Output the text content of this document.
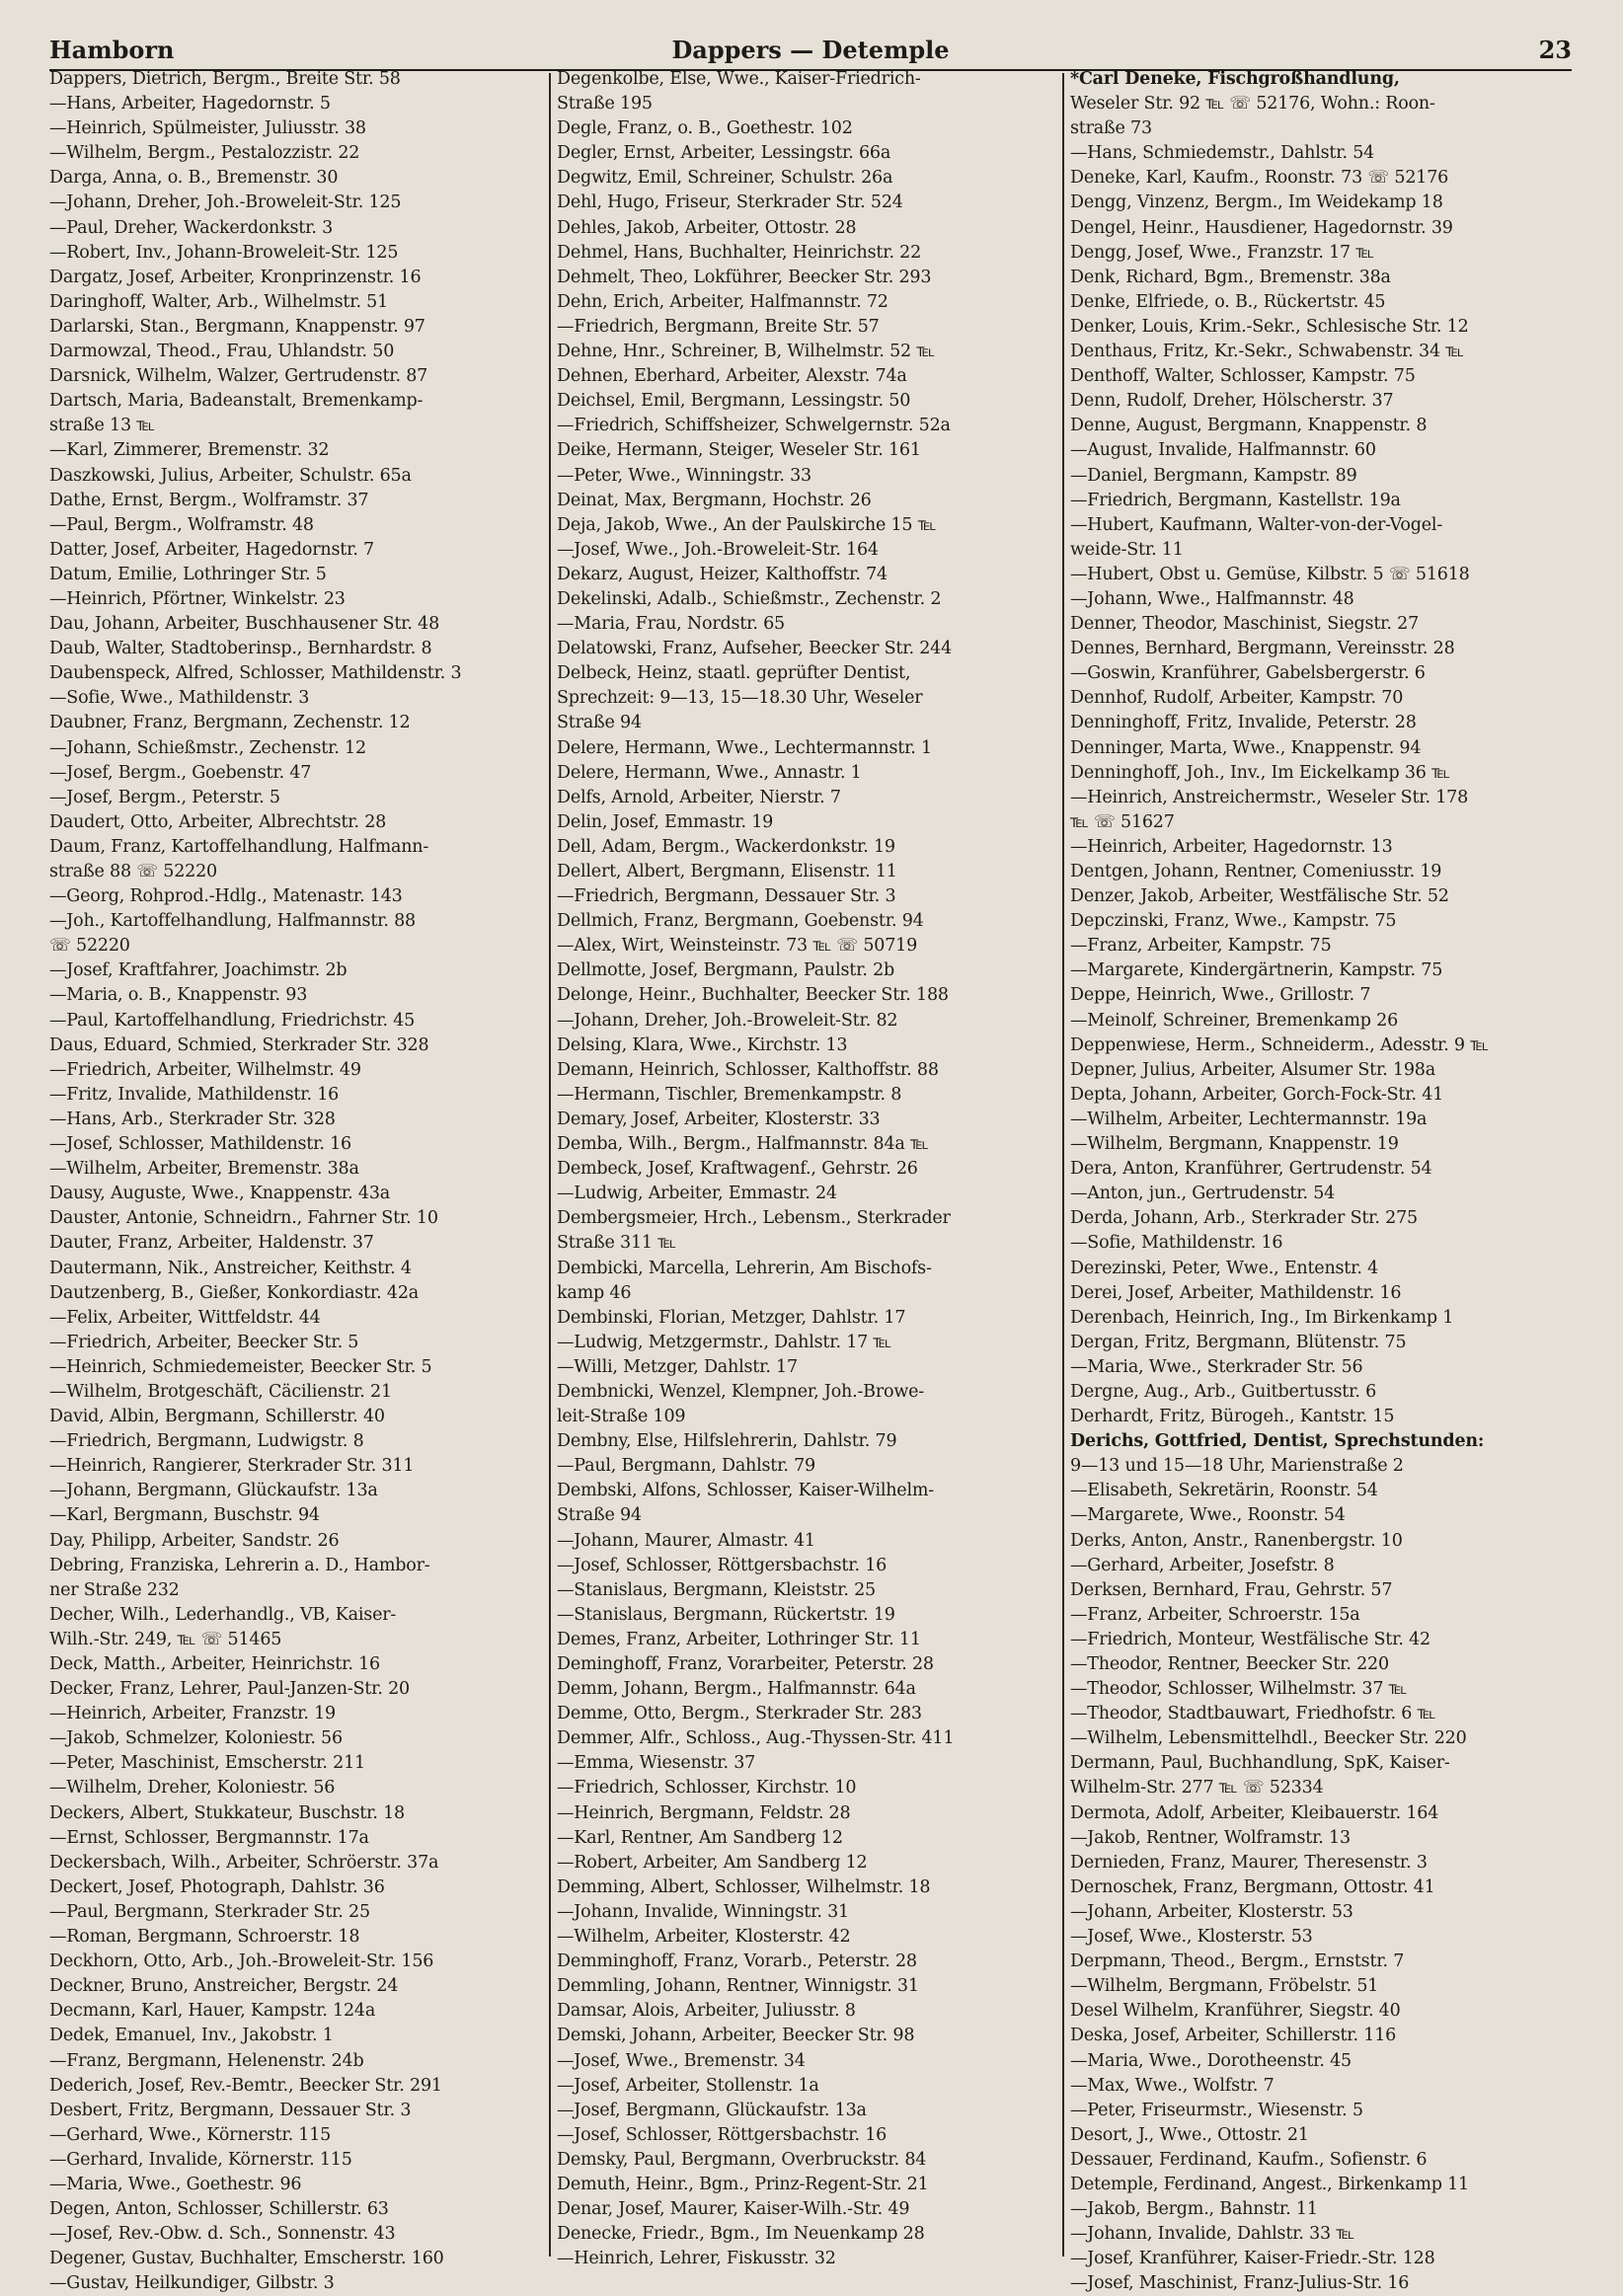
Hamborn	Dappers — Detemple	23
Dappers, Dietrich, Bergm., Breite Str. 58
—Hans, Arbeiter, Hagedornstr. 5
—Heinrich, Spülmeister, Juliusstr. 38
—Wilhelm, Bergm., Pestalozzistr. 22
Darga, Anna, o. B., Bremenstr. 30
—Johann, Dreher, Joh.-Broweleit-Str. 125
—Paul, Dreher, Wackerdonkstr. 3
—Robert, Inv., Johann-Broweleit-Str. 125
Dargatz, Josef, Arbeiter, Kronprinzenstr. 16
Daringhoff, Walter, Arb., Wilhelmstr. 51
Darlarski, Stan., Bergmann, Knappenstr. 97
Darmowzal, Theod., Frau, Uhlandstr. 50
Darsnick, Wilhelm, Walzer, Gertrudenstr. 87
Dartsch, Maria, Badeanstalt, Bremenkamp-
straße 13 ℡
—Karl, Zimmerer, Bremenstr. 32
Daszkowski, Julius, Arbeiter, Schulstr. 65a
Dathe, Ernst, Bergm., Wolframstr. 37
—Paul, Bergm., Wolframstr. 48
Datter, Josef, Arbeiter, Hagedornstr. 7
Datum, Emilie, Lothringer Str. 5
—Heinrich, Pförtner, Winkelstr. 23
Dau, Johann, Arbeiter, Buschhausener Str. 48
Daub, Walter, Stadtoberinsp., Bernhardstr. 8
Daubenspeck, Alfred, Schlosser, Mathildenstr. 3
—Sofie, Wwe., Mathildenstr. 3
Daubner, Franz, Bergmann, Zechenstr. 12
—Johann, Schießmstr., Zechenstr. 12
—Josef, Bergm., Goebenstr. 47
—Josef, Bergm., Peterstr. 5
Daudert, Otto, Arbeiter, Albrechtstr. 28
Daum, Franz, Kartoffelhandlung, Halfmann-
straße 88 ☏ 52220
—Georg, Rohprod.-Hdlg., Matenastr. 143
—Joh., Kartoffelhandlung, Halfmannstr. 88
☏ 52220
—Josef, Kraftfahrer, Joachimstr. 2b
—Maria, o. B., Knappenstr. 93
—Paul, Kartoffelhandlung, Friedrichstr. 45
Daus, Eduard, Schmied, Sterkrader Str. 328
—Friedrich, Arbeiter, Wilhelmstr. 49
—Fritz, Invalide, Mathildenstr. 16
—Hans, Arb., Sterkrader Str. 328
—Josef, Schlosser, Mathildenstr. 16
—Wilhelm, Arbeiter, Bremenstr. 38a
Dausy, Auguste, Wwe., Knappenstr. 43a
Dauster, Antonie, Schneidrn., Fahrner Str. 10
Dauter, Franz, Arbeiter, Haldenstr. 37
Dautermann, Nik., Anstreicher, Keithstr. 4
Dautzenberg, B., Gießer, Konkordiastr. 42a
—Felix, Arbeiter, Wittfeldstr. 44
—Friedrich, Arbeiter, Beecker Str. 5
—Heinrich, Schmiedemeister, Beecker Str. 5
—Wilhelm, Brotgeschäft, Cäcilienstr. 21
David, Albin, Bergmann, Schillerstr. 40
—Friedrich, Bergmann, Ludwigstr. 8
—Heinrich, Rangierer, Sterkrader Str. 311
—Johann, Bergmann, Glückaufstr. 13a
—Karl, Bergmann, Buschstr. 94
Day, Philipp, Arbeiter, Sandstr. 26
Debring, Franziska, Lehrerin a. D., Hambor-
ner Straße 232
Decher, Wilh., Lederhandlg., VB, Kaiser-
Wilh.-Str. 249, ℡ ☏ 51465
Deck, Matth., Arbeiter, Heinrichstr. 16
Decker, Franz, Lehrer, Paul-Janzen-Str. 20
—Heinrich, Arbeiter, Franzstr. 19
—Jakob, Schmelzer, Koloniestr. 56
—Peter, Maschinist, Emscherstr. 211
—Wilhelm, Dreher, Koloniestr. 56
Deckers, Albert, Stukkateur, Buschstr. 18
—Ernst, Schlosser, Bergmannstr. 17a
Deckersbach, Wilh., Arbeiter, Schröerstr. 37a
Deckert, Josef, Photograph, Dahlstr. 36
—Paul, Bergmann, Sterkrader Str. 25
—Roman, Bergmann, Schroerstr. 18
Deckhorn, Otto, Arb., Joh.-Broweleit-Str. 156
Deckner, Bruno, Anstreicher, Bergstr. 24
Decmann, Karl, Hauer, Kampstr. 124a
Dedek, Emanuel, Inv., Jakobstr. 1
—Franz, Bergmann, Helenenstr. 24b
Dederich, Josef, Rev.-Bemtr., Beecker Str. 291
Desbert, Fritz, Bergmann, Dessauer Str. 3
—Gerhard, Wwe., Körnerstr. 115
—Gerhard, Invalide, Körnerstr. 115
—Maria, Wwe., Goethestr. 96
Degen, Anton, Schlosser, Schillerstr. 63
—Josef, Rev.-Obw. d. Sch., Sonnenstr. 43
Degener, Gustav, Buchhalter, Emscherstr. 160
—Gustav, Heilkundiger, Gilbstr. 3
Degenkolbe, Else, Wwe., Kaiser-Friedrich-
Straße 195
Degle, Franz, o. B., Goethestr. 102
Degler, Ernst, Arbeiter, Lessingstr. 66a
Degwitz, Emil, Schreiner, Schulstr. 26a
Dehl, Hugo, Friseur, Sterkrader Str. 524
Dehles, Jakob, Arbeiter, Ottostr. 28
Dehmel, Hans, Buchhalter, Heinrichstr. 22
Dehmelt, Theo, Lokführer, Beecker Str. 293
Dehn, Erich, Arbeiter, Halfmannstr. 72
—Friedrich, Bergmann, Breite Str. 57
Dehne, Hnr., Schreiner, B, Wilhelmstr. 52 ℡
Dehnen, Eberhard, Arbeiter, Alexstr. 74a
Deichsel, Emil, Bergmann, Lessingstr. 50
—Friedrich, Schiffsheizer, Schwelgernstr. 52a
Deike, Hermann, Steiger, Weseler Str. 161
—Peter, Wwe., Winningstr. 33
Deinat, Max, Bergmann, Hochstr. 26
Deja, Jakob, Wwe., An der Paulskirche 15 ℡
—Josef, Wwe., Joh.-Broweleit-Str. 164
Dekarz, August, Heizer, Kalthoffstr. 74
Dekelinski, Adalb., Schießmstr., Zechenstr. 2
—Maria, Frau, Nordstr. 65
Delatowski, Franz, Aufseher, Beecker Str. 244
Delbeck, Heinz, staatl. geprüfter Dentist,
Sprechzeit: 9—13, 15—18.30 Uhr, Weseler
Straße 94
Delere, Hermann, Wwe., Lechtermannstr. 1
Delere, Hermann, Wwe., Annastr. 1
Delfs, Arnold, Arbeiter, Nierstr. 7
Delin, Josef, Emmastr. 19
Dell, Adam, Bergm., Wackerdonkstr. 19
Dellert, Albert, Bergmann, Elisenstr. 11
—Friedrich, Bergmann, Dessauer Str. 3
Dellmich, Franz, Bergmann, Goebenstr. 94
—Alex, Wirt, Weinsteinstr. 73 ℡ ☏ 50719
Dellmotte, Josef, Bergmann, Paulstr. 2b
Delonge, Heinr., Buchhalter, Beecker Str. 188
—Johann, Dreher, Joh.-Broweleit-Str. 82
Delsing, Klara, Wwe., Kirchstr. 13
Demann, Heinrich, Schlosser, Kalthoffstr. 88
—Hermann, Tischler, Bremenkampstr. 8
Demary, Josef, Arbeiter, Klosterstr. 33
Demba, Wilh., Bergm., Halfmannstr. 84a ℡
Dembeck, Josef, Kraftwagenf., Gehrstr. 26
—Ludwig, Arbeiter, Emmastr. 24
Dembergsmeier, Hrch., Lebensm., Sterkrader
Straße 311 ℡
Dembicki, Marcella, Lehrerin, Am Bischofs-
kamp 46
Dembinski, Florian, Metzger, Dahlstr. 17
—Ludwig, Metzgermstr., Dahlstr. 17 ℡
—Willi, Metzger, Dahlstr. 17
Dembnicki, Wenzel, Klempner, Joh.-Browe-
leit-Straße 109
Dembny, Else, Hilfslehrerin, Dahlstr. 79
—Paul, Bergmann, Dahlstr. 79
Dembski, Alfons, Schlosser, Kaiser-Wilhelm-
Straße 94
—Johann, Maurer, Almastr. 41
—Josef, Schlosser, Röttgersbachstr. 16
—Stanislaus, Bergmann, Kleiststr. 25
—Stanislaus, Bergmann, Rückertstr. 19
Demes, Franz, Arbeiter, Lothringer Str. 11
Deminghoff, Franz, Vorarbeiter, Peterstr. 28
Demm, Johann, Bergm., Halfmannstr. 64a
Demme, Otto, Bergm., Sterkrader Str. 283
Demmer, Alfr., Schloss., Aug.-Thyssen-Str. 411
—Emma, Wiesenstr. 37
—Friedrich, Schlosser, Kirchstr. 10
—Heinrich, Bergmann, Feldstr. 28
—Karl, Rentner, Am Sandberg 12
—Robert, Arbeiter, Am Sandberg 12
Demming, Albert, Schlosser, Wilhelmstr. 18
—Johann, Invalide, Winningstr. 31
—Wilhelm, Arbeiter, Klosterstr. 42
Demminghoff, Franz, Vorarb., Peterstr. 28
Demmling, Johann, Rentner, Winnigstr. 31
Damsar, Alois, Arbeiter, Juliusstr. 8
Demski, Johann, Arbeiter, Beecker Str. 98
—Josef, Wwe., Bremenstr. 34
—Josef, Arbeiter, Stollenstr. 1a
—Josef, Bergmann, Glückaufstr. 13a
—Josef, Schlosser, Röttgersbachstr. 16
Demsky, Paul, Bergmann, Overbruckstr. 84
Demuth, Heinr., Bgm., Prinz-Regent-Str. 21
Denar, Josef, Maurer, Kaiser-Wilh.-Str. 49
Denecke, Friedr., Bgm., Im Neuenkamp 28
—Heinrich, Lehrer, Fiskusstr. 32
*Carl Deneke, Fischgroßhandlung,
Weseler Str. 92 ℡ ☏ 52176, Wohn.: Roon-
straße 73
—Hans, Schmiedemstr., Dahlstr. 54
Deneke, Karl, Kaufm., Roonstr. 73 ☏ 52176
Dengg, Vinzenz, Bergm., Im Weidekamp 18
Dengel, Heinr., Hausdiener, Hagedornstr. 39
Dengg, Josef, Wwe., Franzstr. 17 ℡
Denk, Richard, Bgm., Bremenstr. 38a
Denke, Elfriede, o. B., Rückertstr. 45
Denker, Louis, Krim.-Sekr., Schlesische Str. 12
Denthaus, Fritz, Kr.-Sekr., Schwabenstr. 34 ℡
Denthoff, Walter, Schlosser, Kampstr. 75
Denn, Rudolf, Dreher, Hölscherstr. 37
Denne, August, Bergmann, Knappenstr. 8
—August, Invalide, Halfmannstr. 60
—Daniel, Bergmann, Kampstr. 89
—Friedrich, Bergmann, Kastellstr. 19a
—Hubert, Kaufmann, Walter-von-der-Vogel-
weide-Str. 11
—Hubert, Obst u. Gemüse, Kilbstr. 5 ☏ 51618
—Johann, Wwe., Halfmannstr. 48
Denner, Theodor, Maschinist, Siegstr. 27
Dennes, Bernhard, Bergmann, Vereinsstr. 28
—Goswin, Kranführer, Gabelsbergerstr. 6
Dennhof, Rudolf, Arbeiter, Kampstr. 70
Denninghoff, Fritz, Invalide, Peterstr. 28
Denninger, Marta, Wwe., Knappenstr. 94
Denninghoff, Joh., Inv., Im Eickelkamp 36 ℡
—Heinrich, Anstreichermstr., Weseler Str. 178
℡ ☏ 51627
—Heinrich, Arbeiter, Hagedornstr. 13
Dentgen, Johann, Rentner, Comeniusstr. 19
Denzer, Jakob, Arbeiter, Westfälische Str. 52
Depczinski, Franz, Wwe., Kampstr. 75
—Franz, Arbeiter, Kampstr. 75
—Margarete, Kindergärtnerin, Kampstr. 75
Deppe, Heinrich, Wwe., Grillostr. 7
—Meinolf, Schreiner, Bremenkamp 26
Deppenwiese, Herm., Schneiderm., Adesstr. 9 ℡
Depner, Julius, Arbeiter, Alsumer Str. 198a
Depta, Johann, Arbeiter, Gorch-Fock-Str. 41
—Wilhelm, Arbeiter, Lechtermannstr. 19a
—Wilhelm, Bergmann, Knappenstr. 19
Dera, Anton, Kranführer, Gertrudenstr. 54
—Anton, jun., Gertrudenstr. 54
Derda, Johann, Arb., Sterkrader Str. 275
—Sofie, Mathildenstr. 16
Derezinski, Peter, Wwe., Entenstr. 4
Derei, Josef, Arbeiter, Mathildenstr. 16
Derenbach, Heinrich, Ing., Im Birkenkamp 1
Dergan, Fritz, Bergmann, Blütenstr. 75
—Maria, Wwe., Sterkrader Str. 56
Dergne, Aug., Arb., Guitbertusstr. 6
Derhardt, Fritz, Bürogeh., Kantstr. 15
Derichs, Gottfried, Dentist, Sprechstunden:
9—13 und 15—18 Uhr, Marienstraße 2
—Elisabeth, Sekretärin, Roonstr. 54
—Margarete, Wwe., Roonstr. 54
Derks, Anton, Anstr., Ranenbergstr. 10
—Gerhard, Arbeiter, Josefstr. 8
Derksen, Bernhard, Frau, Gehrstr. 57
—Franz, Arbeiter, Schroerstr. 15a
—Friedrich, Monteur, Westfälische Str. 42
—Theodor, Rentner, Beecker Str. 220
—Theodor, Schlosser, Wilhelmstr. 37 ℡
—Theodor, Stadtbauwart, Friedhofstr. 6 ℡
—Wilhelm, Lebensmittelhdl., Beecker Str. 220
Dermann, Paul, Buchhandlung, SpK, Kaiser-
Wilhelm-Str. 277 ℡ ☏ 52334
Dermota, Adolf, Arbeiter, Kleibauerstr. 164
—Jakob, Rentner, Wolframstr. 13
Dernieden, Franz, Maurer, Theresenstr. 3
Dernoschek, Franz, Bergmann, Ottostr. 41
—Johann, Arbeiter, Klosterstr. 53
—Josef, Wwe., Klosterstr. 53
Derpmann, Theod., Bergm., Ernststr. 7
—Wilhelm, Bergmann, Fröbelstr. 51
Desel Wilhelm, Kranführer, Siegstr. 40
Deska, Josef, Arbeiter, Schillerstr. 116
—Maria, Wwe., Dorotheenstr. 45
—Max, Wwe., Wolfstr. 7
—Peter, Friseurmstr., Wiesenstr. 5
Desort, J., Wwe., Ottostr. 21
Dessauer, Ferdinand, Kaufm., Sofienstr. 6
Detemple, Ferdinand, Angest., Birkenkamp 11
—Jakob, Bergm., Bahnstr. 11
—Johann, Invalide, Dahlstr. 33 ℡
—Josef, Kranführer, Kaiser-Friedr.-Str. 128
—Josef, Maschinist, Franz-Julius-Str. 16
